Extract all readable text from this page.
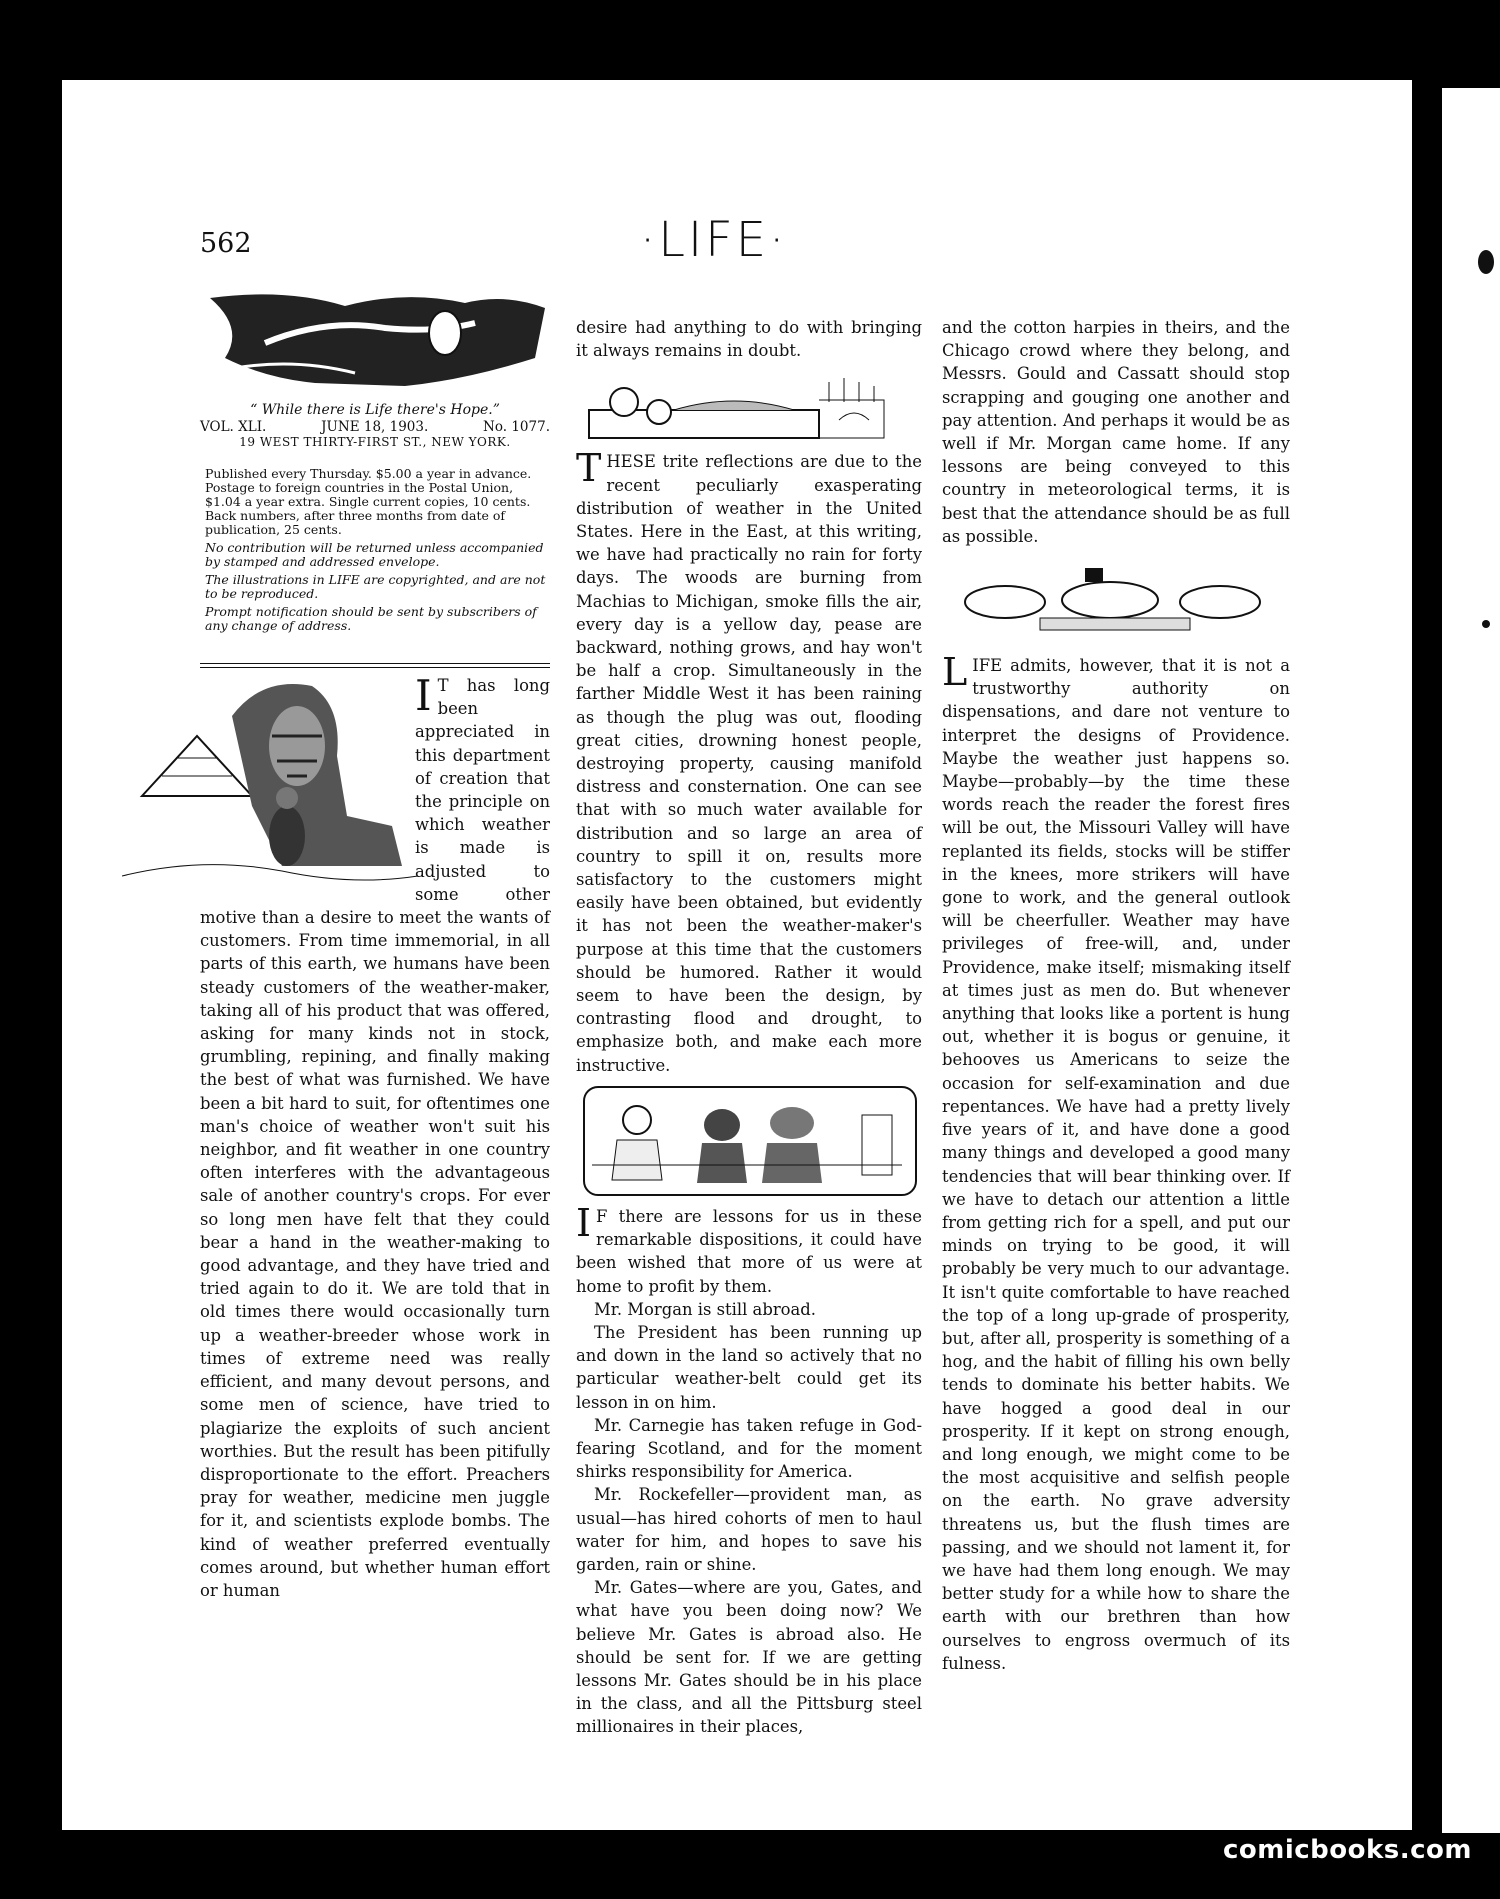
562	·LIFE·
“ While there is Life there's Hope.”
VOL. XLI.	JUNE 18, 1903.	No. 1077.
19 WEST THIRTY-FIRST ST., NEW YORK.

Published every Thursday. $5.00 a year in advance. Postage to foreign countries in the Postal Union, $1.04 a year extra. Single current copies, 10 cents. Back numbers, after three months from date of publication, 25 cents.

No contribution will be returned unless accompanied by stamped and addressed envelope.

The illustrations in LIFE are copyrighted, and are not to be reproduced.

Prompt notification should be sent by subscribers of any change of address.

I T has long been appreciated in this department of creation that the principle on which weather is made is adjusted to some other motive than a desire to meet the wants of customers. From time immemorial, in all parts of this earth, we humans have been steady customers of the weather-maker, taking all of his product that was offered, asking for many kinds not in stock, grumbling, repining, and finally making the best of what was furnished. We have been a bit hard to suit, for oftentimes one man's choice of weather won't suit his neighbor, and fit weather in one country often interferes with the advantageous sale of another country's crops. For ever so long men have felt that they could bear a hand in the weather-making to good advantage, and they have tried and tried again to do it. We are told that in old times there would occasionally turn up a weather-breeder whose work in times of extreme need was really efficient, and many devout persons, and some men of science, have tried to plagiarize the exploits of such ancient worthies. But the result has been pitifully disproportionate to the effort. Preachers pray for weather, medicine men juggle for it, and scientists explode bombs. The kind of weather preferred eventually comes around, but whether human effort or human

desire had anything to do with bringing it always remains in doubt.

THESE trite reflections are due to the recent peculiarly exasperating distribution of weather in the United States. Here in the East, at this writing, we have had practically no rain for forty days. The woods are burning from Machias to Michigan, smoke fills the air, every day is a yellow day, pease are backward, nothing grows, and hay won't be half a crop. Simultaneously in the farther Middle West it has been raining as though the plug was out, flooding great cities, drowning honest people, destroying property, causing manifold distress and consternation. One can see that with so much water available for distribution and so large an area of country to spill it on, results more satisfactory to the customers might easily have been obtained, but evidently it has not been the weather-maker's purpose at this time that the customers should be humored. Rather it would seem to have been the design, by contrasting flood and drought, to emphasize both, and make each more instructive.

I F there are lessons for us in these remarkable dispositions, it could have been wished that more of us were at home to profit by them.

Mr. Morgan is still abroad.

The President has been running up and down in the land so actively that no particular weather-belt could get its lesson in on him.

Mr. Carnegie has taken refuge in God-fearing Scotland, and for the moment shirks responsibility for America.

Mr. Rockefeller—provident man, as usual—has hired cohorts of men to haul water for him, and hopes to save his garden, rain or shine.

Mr. Gates—where are you, Gates, and what have you been doing now? We believe Mr. Gates is abroad also. He should be sent for. If we are getting lessons Mr. Gates should be in his place in the class, and all the Pittsburg steel millionaires in their places,

and the cotton harpies in theirs, and the Chicago crowd where they belong, and Messrs. Gould and Cassatt should stop scrapping and gouging one another and pay attention. And perhaps it would be as well if Mr. Morgan came home. If any lessons are being conveyed to this country in meteorological terms, it is best that the attendance should be as full as possible.

LIFE admits, however, that it is not a trustworthy authority on dispensations, and dare not venture to interpret the designs of Providence. Maybe the weather just happens so. Maybe—probably—by the time these words reach the reader the forest fires will be out, the Missouri Valley will have replanted its fields, stocks will be stiffer in the knees, more strikers will have gone to work, and the general outlook will be cheerfuller. Weather may have privileges of free-will, and, under Providence, make itself; mismaking itself at times just as men do. But whenever anything that looks like a portent is hung out, whether it is bogus or genuine, it behooves us Americans to seize the occasion for self-examination and due repentances. We have had a pretty lively five years of it, and have done a good many things and developed a good many tendencies that will bear thinking over. If we have to detach our attention a little from getting rich for a spell, and put our minds on trying to be good, it will probably be very much to our advantage. It isn't quite comfortable to have reached the top of a long up-grade of prosperity, but, after all, prosperity is something of a hog, and the habit of filling his own belly tends to dominate his better habits. We have hogged a good deal in our prosperity. If it kept on strong enough, and long enough, we might come to be the most acquisitive and selfish people on the earth. No grave adversity threatens us, but the flush times are passing, and we should not lament it, for we have had them long enough. We may better study for a while how to share the earth with our brethren than how ourselves to engross overmuch of its fulness.

comicbooks.com
